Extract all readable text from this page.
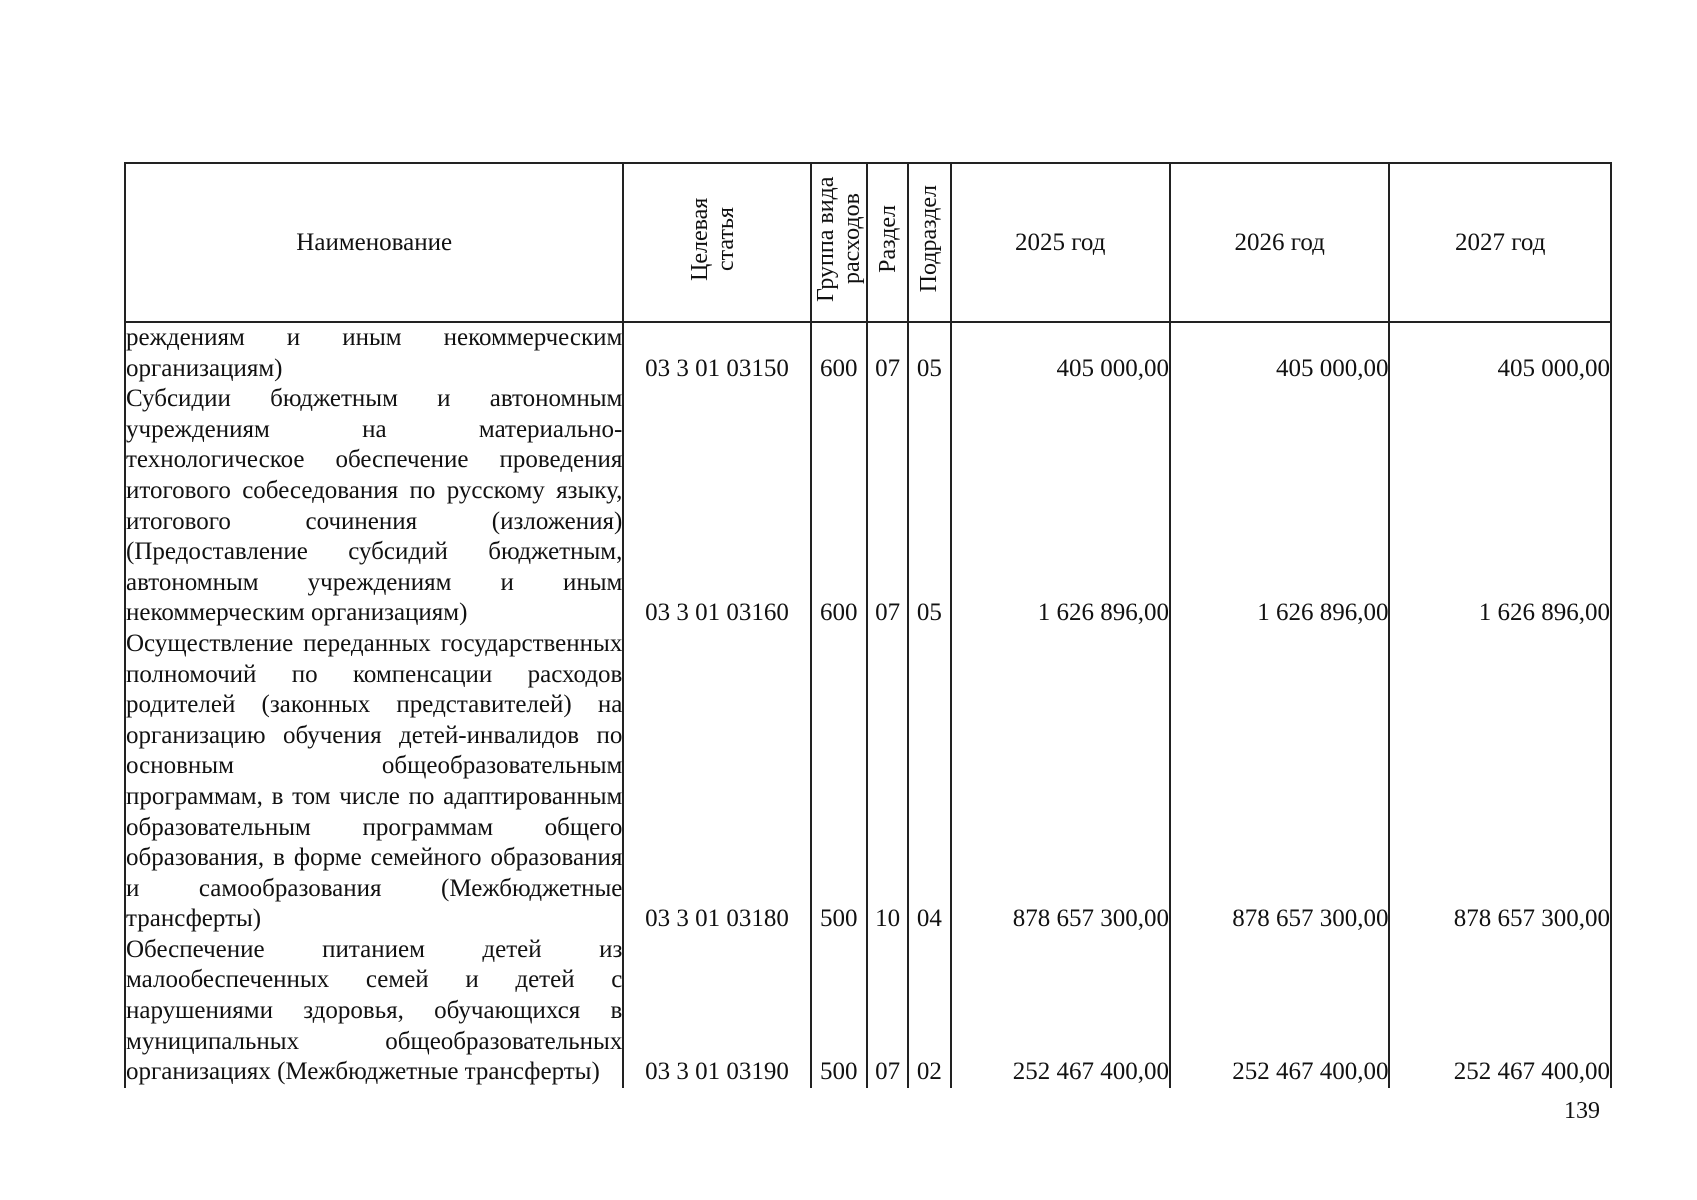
Наименование	Целевая статья	Группа вида расходов	Раздел	Подраздел	2025 год	2026 год	2027 год
реждениям и иным некоммерческим организациям)	03 3 01 03150	600	07	05	405 000,00	405 000,00	405 000,00
Субсидии бюджетным и автономным учреждениям на материально-технологическое обеспечение проведения итогового собеседования по русскому языку, итогового сочинения (изложения) (Предоставление субсидий бюджетным, автономным учреждениям и иным некоммерческим организациям)	03 3 01 03160	600	07	05	1 626 896,00	1 626 896,00	1 626 896,00
Осуществление переданных государственных полномочий по компенсации расходов родителей (законных представителей) на организацию обучения детей-инвалидов по основным общеобразовательным программам, в том числе по адаптированным образовательным программам общего образования, в форме семейного образования и самообразования (Межбюджетные трансферты)	03 3 01 03180	500	10	04	878 657 300,00	878 657 300,00	878 657 300,00
Обеспечение питанием детей из малообеспеченных семей и детей с нарушениями здоровья, обучающихся в муниципальных общеобразовательных организациях (Межбюджетные трансферты)	03 3 01 03190	500	07	02	252 467 400,00	252 467 400,00	252 467 400,00
139
